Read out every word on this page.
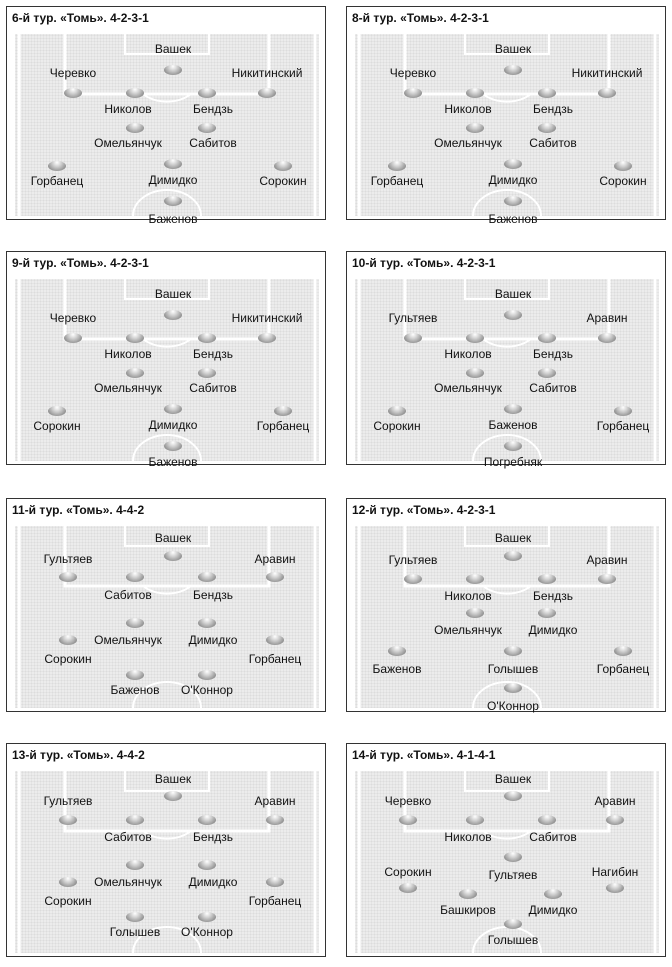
6-й тур. «Томь». 4-2-3-1
Вашек
Черевко	Никитинский
Николов	Бендзь
Омельянчук Сабитов
Горбанец	Димидко	Сорокин
Баженов
8-й тур. «Томь». 4-2-3-1
Вашек
Черевко	Никитинский
Николов	Бендзь
Омельянчук Сабитов
Горбанец	Димидко	Сорокин
Баженов
9-й тур. «Томь». 4-2-3-1
Вашек
Черевко	Никитинский
Николов	Бендзь
Омельянчук Сабитов
Сорокин	Димидко	Горбанец
Баженов
10-й тур. «Томь». 4-2-3-1
Вашек
Гультяев	Аравин
Николов	Бендзь
Омельянчук Сабитов
Сорокин	Баженов	Горбанец
Погребняк
11-й тур. «Томь». 4-4-2
Вашек
Гультяев	Аравин
Сабитов	Бендзь
Омельянчук Димидко
Сорокин	Горбанец
Баженов О'Коннор
12-й тур. «Томь». 4-2-3-1
Вашек
Гультяев	Аравин
Николов	Бендзь
Омельянчук Димидко
Баженов	Голышев	Горбанец
О'Коннор
13-й тур. «Томь». 4-4-2
Вашек
Гультяев	Аравин
Сабитов	Бендзь
Омельянчук Димидко
Сорокин	Горбанец
Голышев О'Коннор
14-й тур. «Томь». 4-1-4-1
Вашек
Черевко	Аравин
Николов	Сабитов
Гультяев
Сорокин	Нагибин
Башкиров	Димидко
Голышев
